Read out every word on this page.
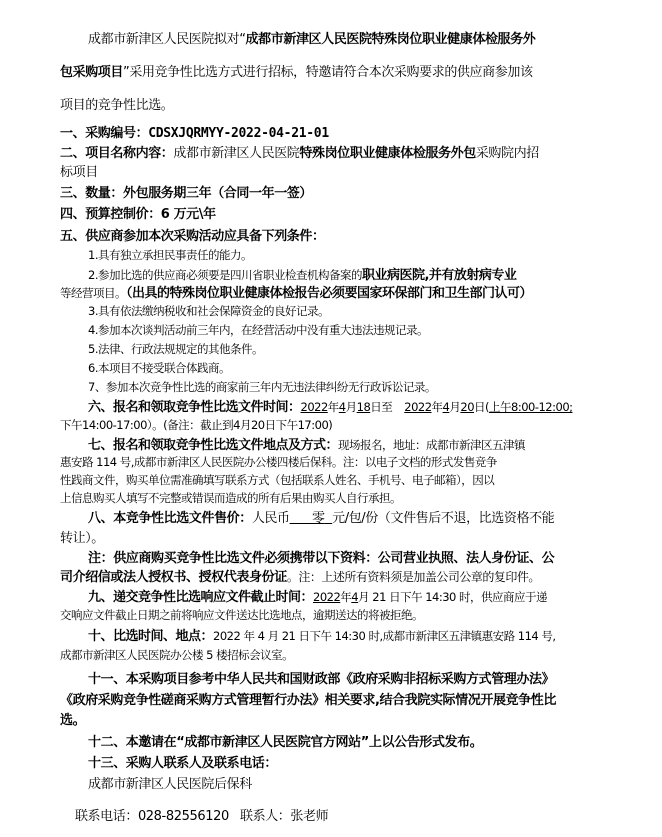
成都市新津区人民医院拟对“成都市新津区人民医院特殊岗位职业健康体检服务外
包采购项目”采用竞争性比选方式进行招标，特邀请符合本次采购要求的供应商参加该
项目的竞争性比选。
一、采购编号：CDSXJQRMYY-2022-04-21-01
二、项目名称内容：成都市新津区人民医院特殊岗位职业健康体检服务外包采购院内招
标项目
三、数量：外包服务期三年（合同一年一签）
四、预算控制价：6 万元\年
五、供应商参加本次采购活动应具备下列条件：
1.具有独立承担民事责任的能力。
2.参加比选的供应商必须要是四川省职业检查机构备案的职业病医院,并有放射病专业
等经营项目。（出具的特殊岗位职业健康体检报告必须要国家环保部门和卫生部门认可）
3.具有依法缴纳税收和社会保障资金的良好记录。
4.参加本次谈判活动前三年内，在经营活动中没有重大违法违规记录。
5.法律、行政法规规定的其他条件。
6.本项目不接受联合体践商。
7、参加本次竞争性比选的商家前三年内无违法律纠纷无行政诉讼记录。
六、报名和领取竞争性比选文件时间：2022年4月18日至 2022年4月20日(上午8:00-12:00;
下午14:00-17:00）。(备注：截止到4月20日下午17:00)
七、报名和领取竞争性比选文件地点及方式：现场报名，地址：成都市新津区五津镇
惠安路 114 号,成都市新津区人民医院办公楼四楼后保科。注：以电子文档的形式发售竞争
性践商文件，购买单位需准确填写联系方式（包括联系人姓名、手机号、电子邮箱），因以
上信息购买人填写不完整或错误而造成的所有后果由购买人自行承担。
八、本竞争性比选文件售价：人民币 零 元/包/份（文件售后不退，比选资格不能
转让）。
注：供应商购买竞争性比选文件必须携带以下资料：公司营业执照、法人身份证、公
司介绍信或法人授权书、授权代表身份证。注：上述所有资料须是加盖公司公章的复印件。
九、递交竞争性比选响应文件截止时间：2022年4月 21 日下午 14:30 时，供应商应于递
交响应文件截止日期之前将响应文件送达比选地点，逾期送达的将被拒绝。
十、比选时间、地点：2022 年 4 月 21 日下午 14:30 时,成都市新津区五津镇惠安路 114 号,
成都市新津区人民医院办公楼 5 楼招标会议室。
十一、本采购项目参考中华人民共和国财政部《政府采购非招标采购方式管理办法》
《政府采购竞争性磋商采购方式管理暂行办法》相关要求,结合我院实际情况开展竞争性比
选。
十二、本邀请在“成都市新津区人民医院官方网站”上以公告形式发布。
十三、采购人联系人及联系电话：
成都市新津区人民医院后保科

联系电话：028-82556120   联系人：张老师
